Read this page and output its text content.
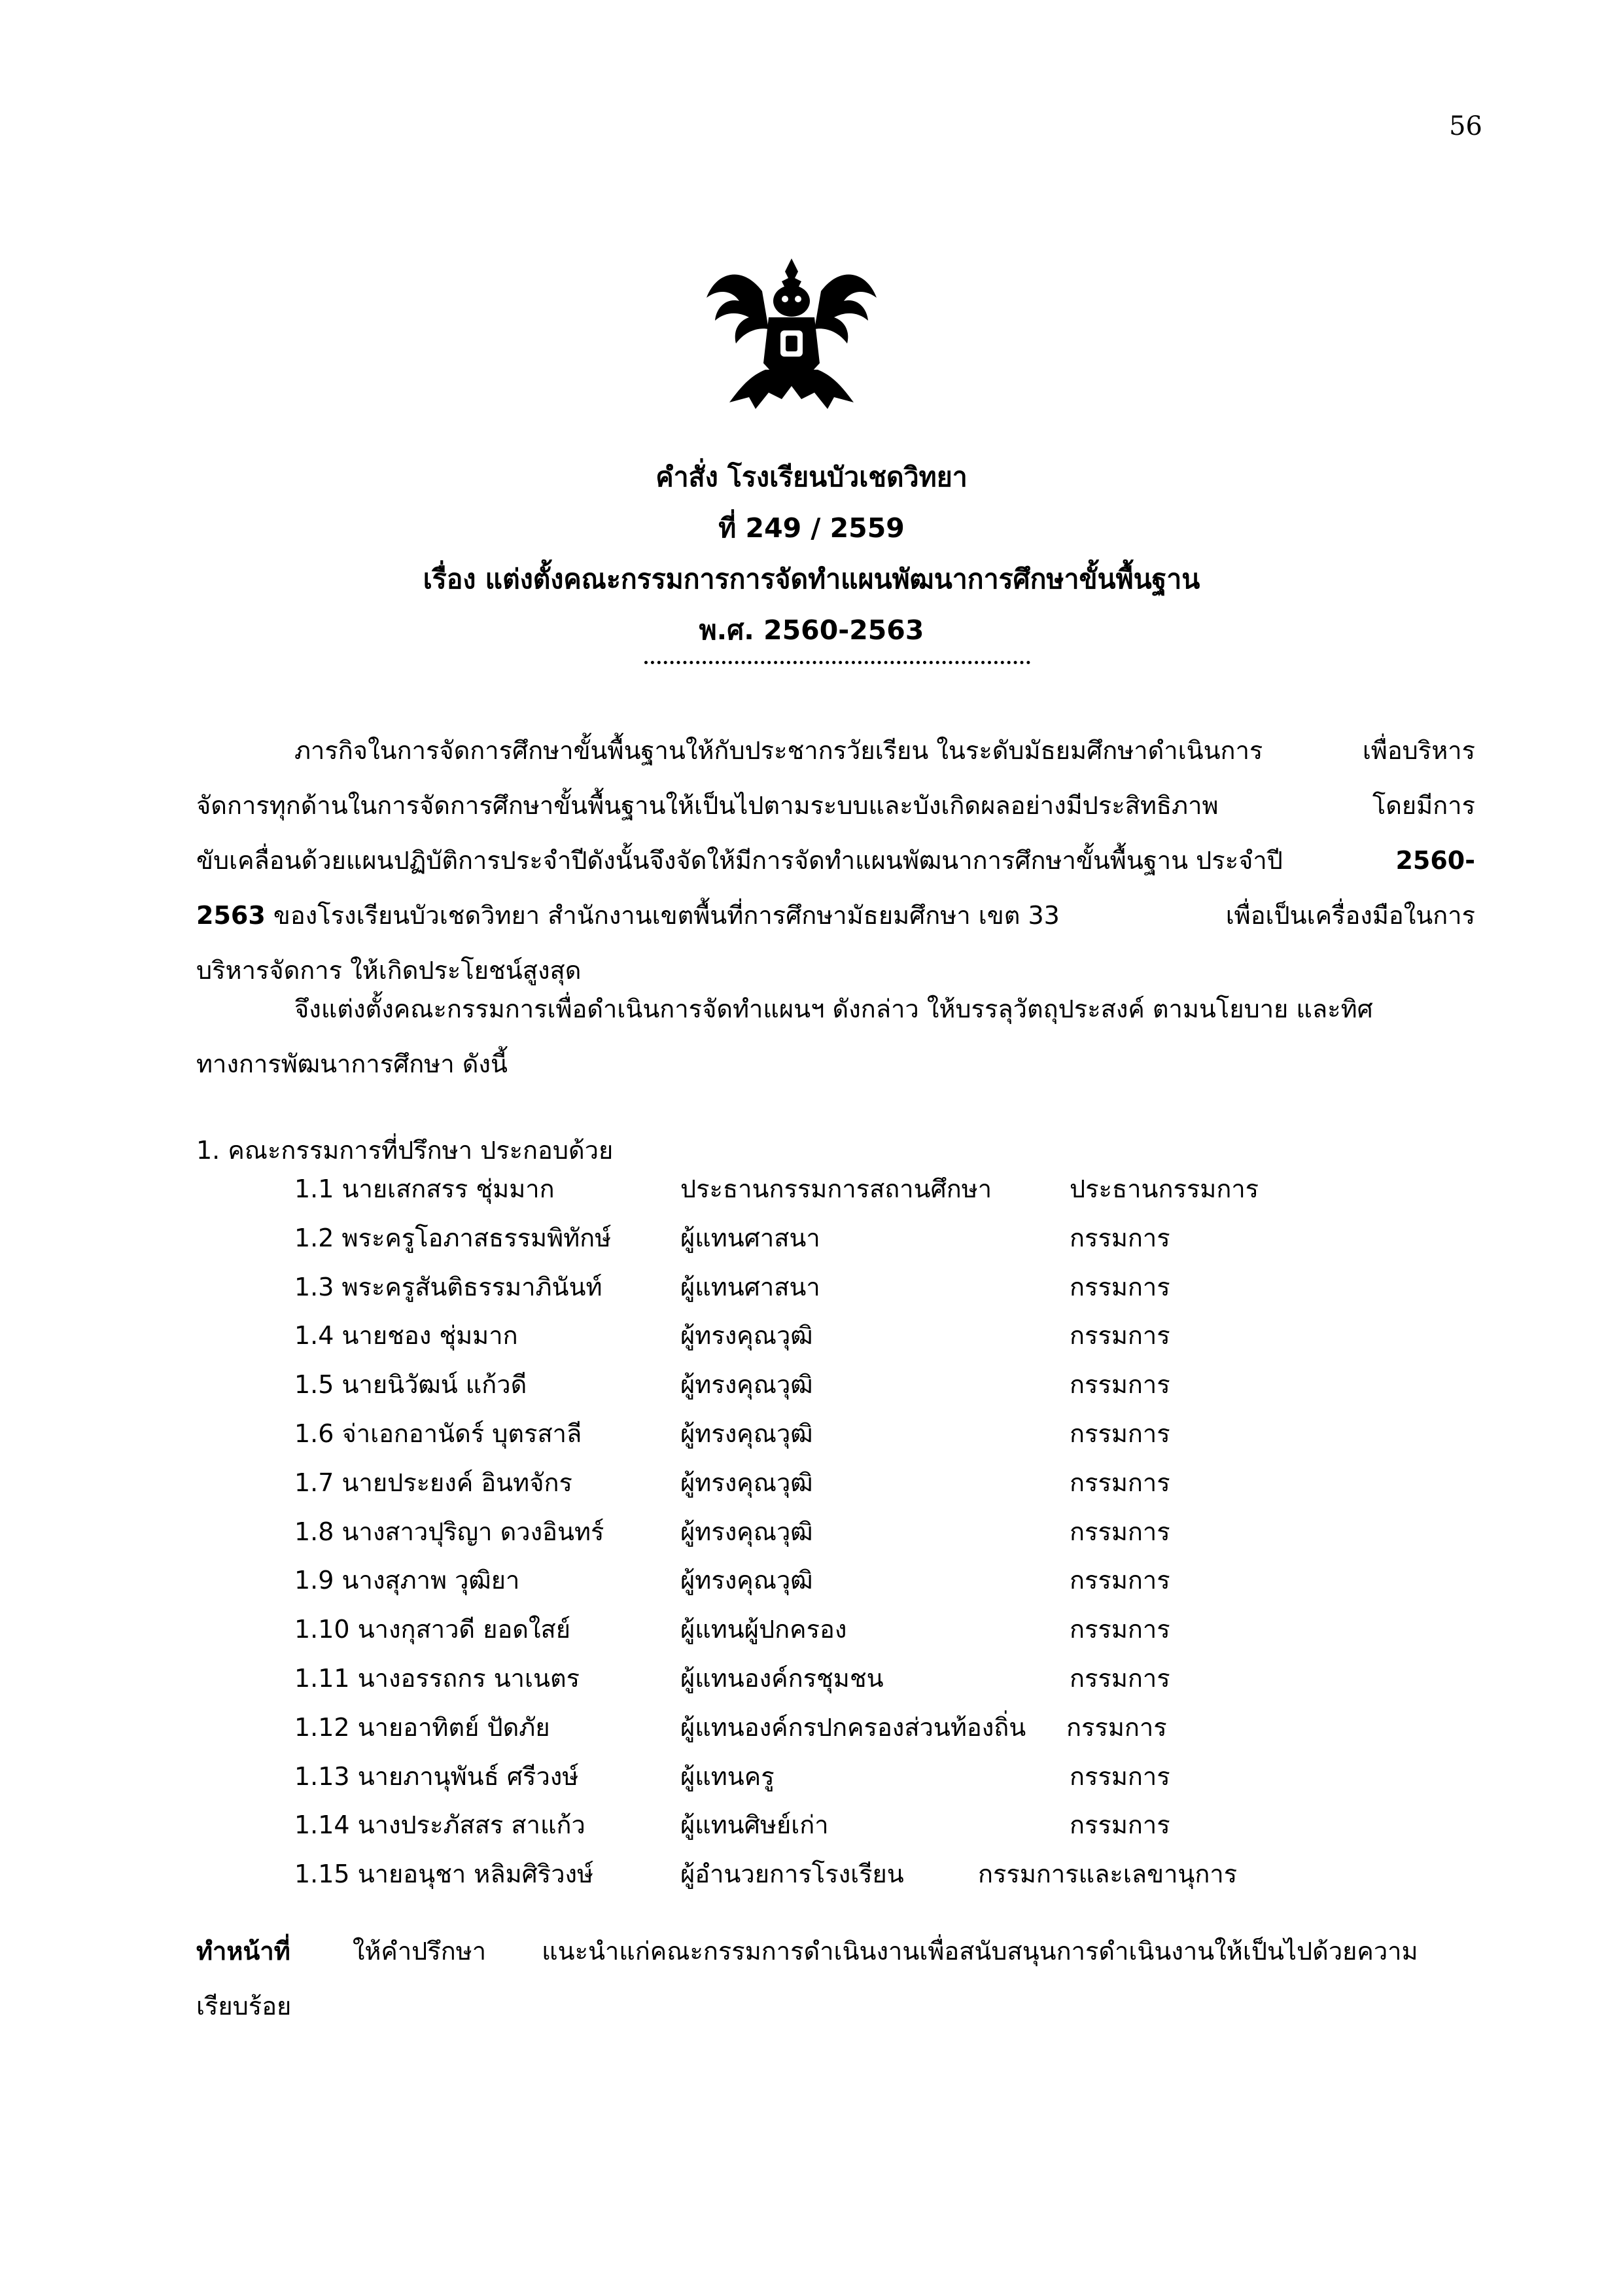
56
คำสั่ง โรงเรียนบัวเชดวิทยา
ที่ 249 / 2559
เรื่อง แต่งตั้งคณะกรรมการการจัดทำแผนพัฒนาการศึกษาขั้นพื้นฐาน
พ.ศ. 2560-2563
ภารกิจในการจัดการศึกษาขั้นพื้นฐานให้กับประชากรวัยเรียน ในระดับมัธยมศึกษาดำเนินการ	เพื่อบริหาร
จัดการทุกด้านในการจัดการศึกษาขั้นพื้นฐานให้เป็นไปตามระบบและบังเกิดผลอย่างมีประสิทธิภาพ	โดยมีการ
ขับเคลื่อนด้วยแผนปฏิบัติการประจำปีดังนั้นจึงจัดให้มีการจัดทำแผนพัฒนาการศึกษาขั้นพื้นฐาน ประจำปี	2560-
2563 ของโรงเรียนบัวเชดวิทยา สำนักงานเขตพื้นที่การศึกษามัธยมศึกษา เขต 33	เพื่อเป็นเครื่องมือในการ
บริหารจัดการ ให้เกิดประโยชน์สูงสุด
จึงแต่งตั้งคณะกรรมการเพื่อดำเนินการจัดทำแผนฯ ดังกล่าว ให้บรรลุวัตถุประสงค์ ตามนโยบาย และทิศ
ทางการพัฒนาการศึกษา ดังนี้
1. คณะกรรมการที่ปรึกษา ประกอบด้วย
1.1 นายเสกสรร ชุ่มมาก	ประธานกรรมการสถานศึกษา	ประธานกรรมการ
1.2 พระครูโอภาสธรรมพิทักษ์	ผู้แทนศาสนา	กรรมการ
1.3 พระครูสันติธรรมาภินันท์	ผู้แทนศาสนา	กรรมการ
1.4 นายชอง ชุ่มมาก	ผู้ทรงคุณวุฒิ	กรรมการ
1.5 นายนิวัฒน์ แก้วดี	ผู้ทรงคุณวุฒิ	กรรมการ
1.6 จ่าเอกอานัดร์ บุตรสาลี	ผู้ทรงคุณวุฒิ	กรรมการ
1.7 นายประยงค์ อินทจักร	ผู้ทรงคุณวุฒิ	กรรมการ
1.8 นางสาวปุริญา ดวงอินทร์	ผู้ทรงคุณวุฒิ	กรรมการ
1.9 นางสุภาพ วุฒิยา	ผู้ทรงคุณวุฒิ	กรรมการ
1.10 นางกุสาวดี ยอดใสย์	ผู้แทนผู้ปกครอง	กรรมการ
1.11 นางอรรถกร นาเนตร	ผู้แทนองค์กรชุมชน	กรรมการ
1.12 นายอาทิตย์ ปัดภัย	ผู้แทนองค์กรปกครองส่วนท้องถิ่น กรรมการ
1.13 นายภานุพันธ์ ศรีวงษ์	ผู้แทนครู	กรรมการ
1.14 นางประภัสสร สาแก้ว	ผู้แทนศิษย์เก่า	กรรมการ
1.15 นายอนุชา หลิมศิริวงษ์	ผู้อำนวยการโรงเรียน	กรรมการและเลขานุการ
ทำหน้าที่	ให้คำปรึกษา แนะนำแก่คณะกรรมการดำเนินงานเพื่อสนับสนุนการดำเนินงานให้เป็นไปด้วยความ
เรียบร้อย
